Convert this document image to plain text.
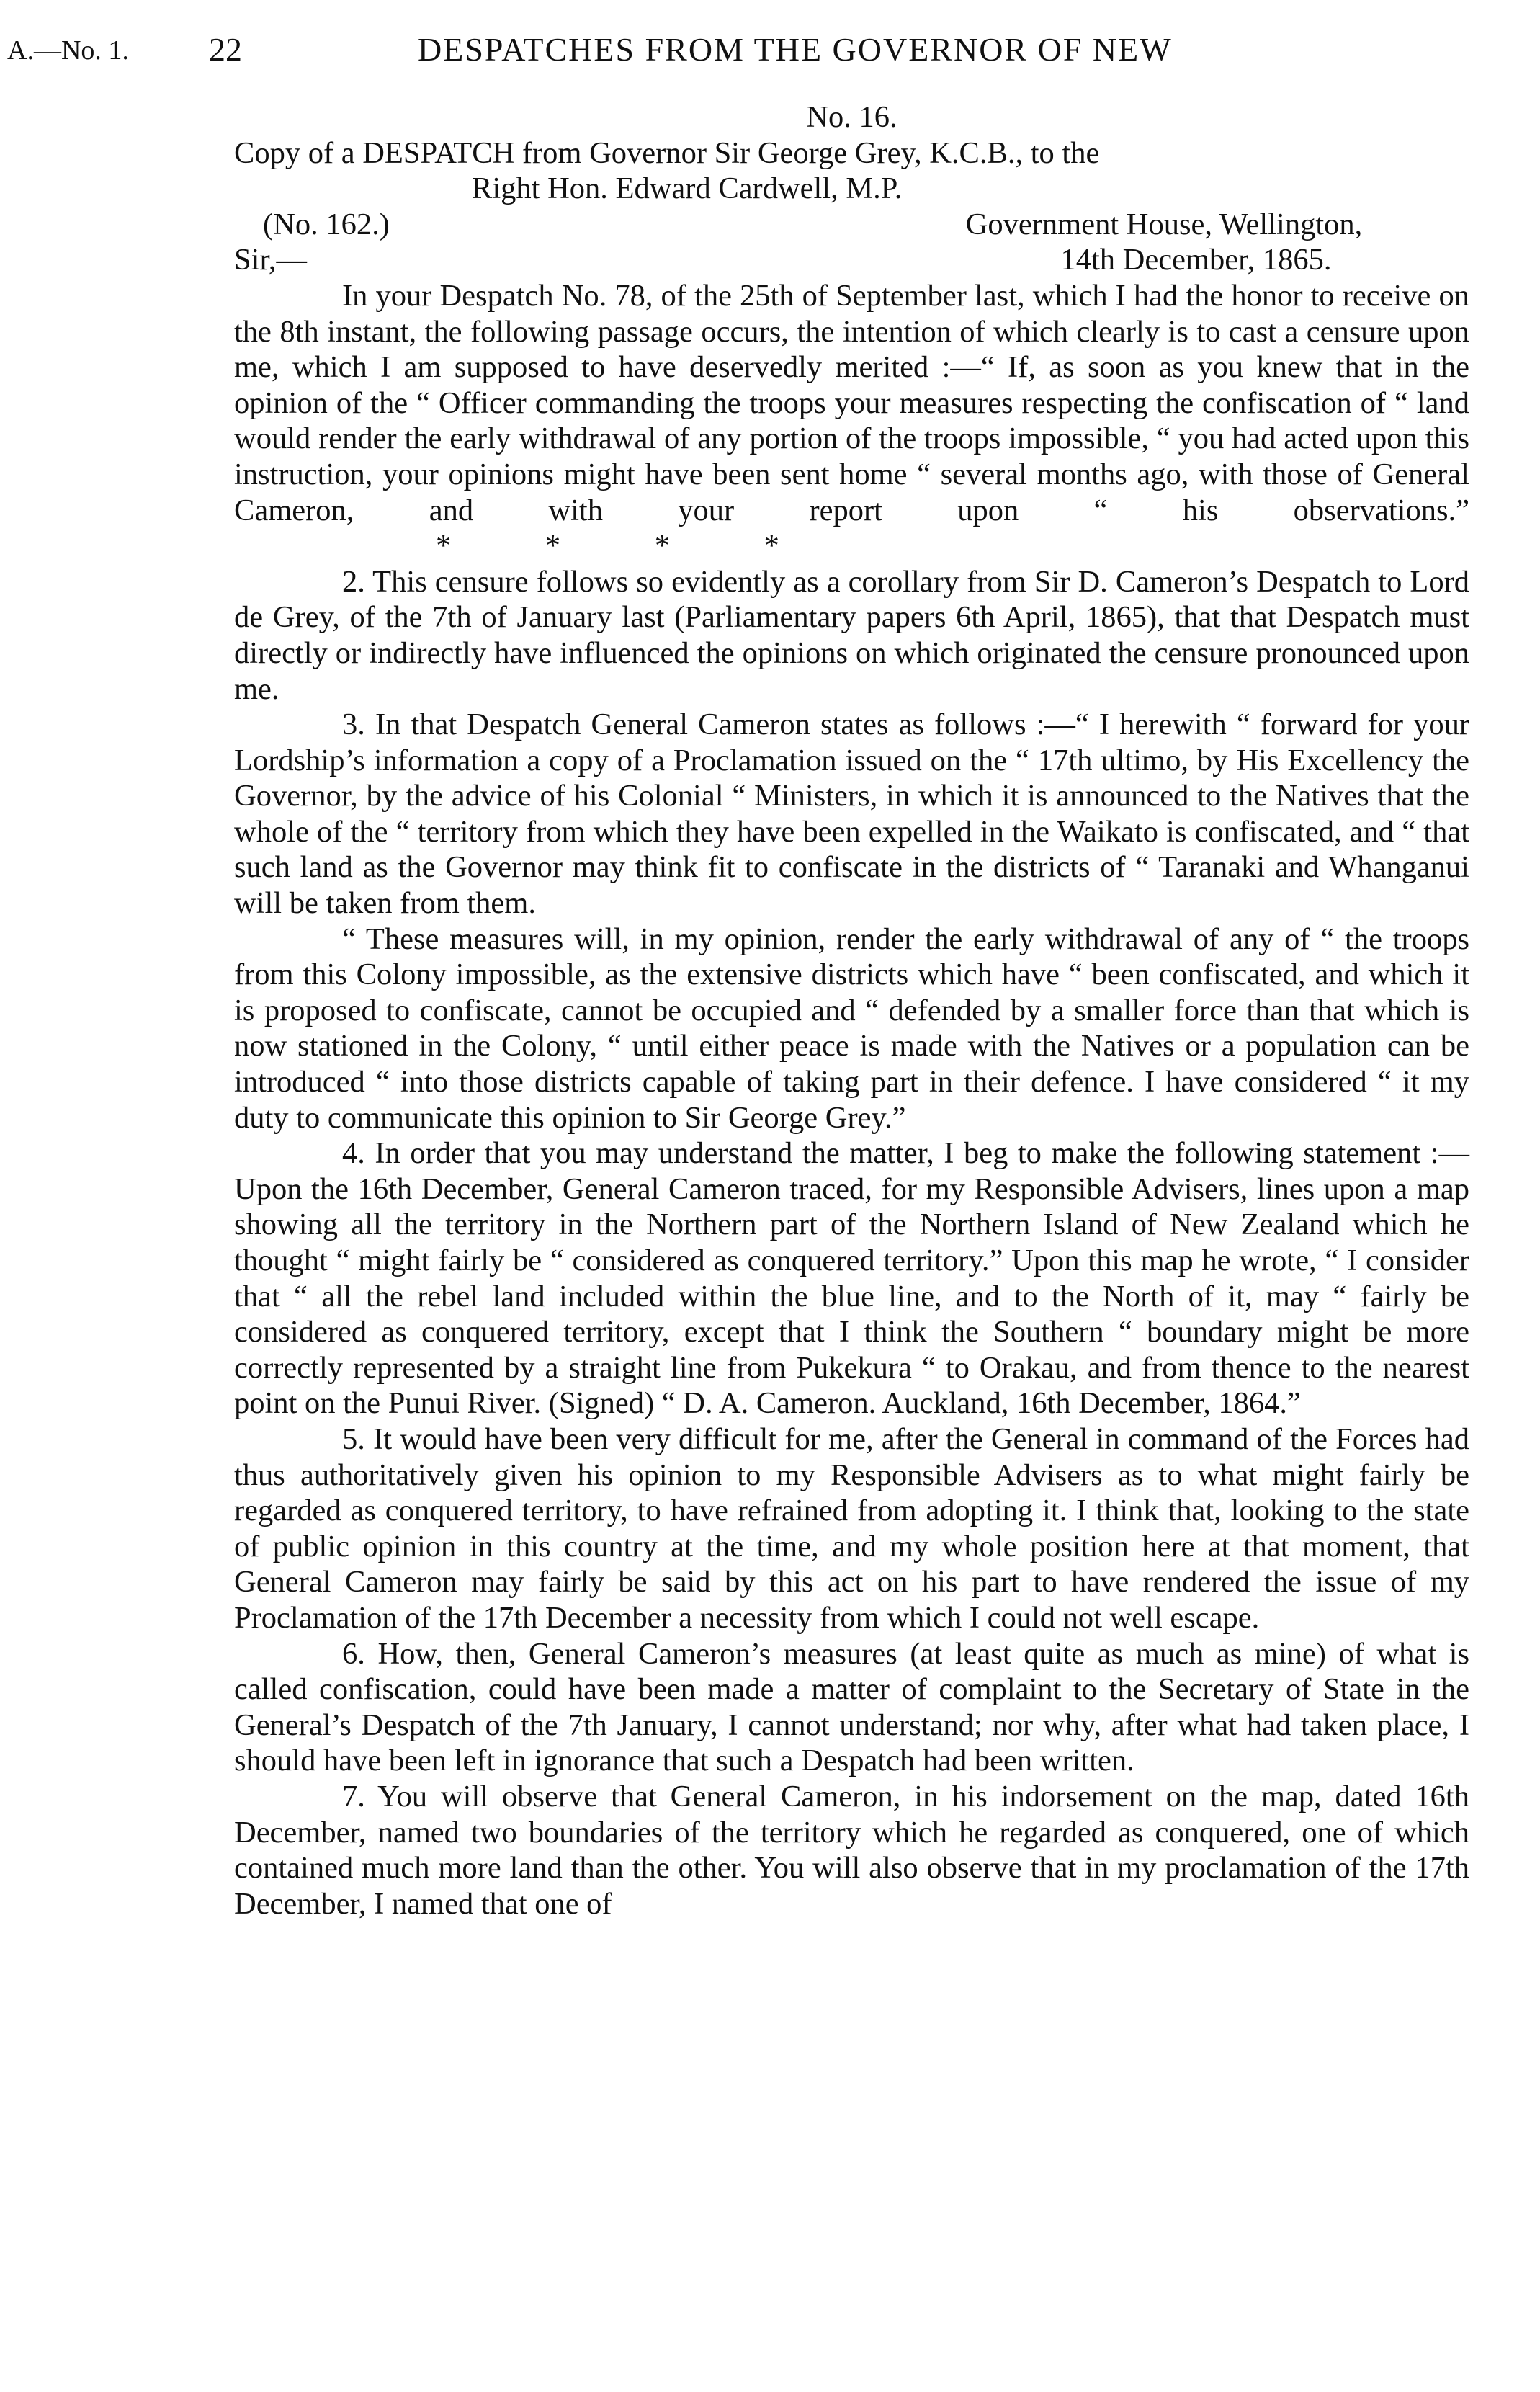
A.—No. 1. 22	DESPATCHES FROM THE GOVERNOR OF NEW
No. 16.
Copy of a DESPATCH from Governor Sir George Grey, K.C.B., to the
Right Hon. Edward Cardwell, M.P.
(No. 162.)	Government House, Wellington,
Sir,—	14th December, 1865.

In your Despatch No. 78, of the 25th of September last, which I had the honor to receive on the 8th instant, the following passage occurs, the intention of which clearly is to cast a censure upon me, which I am supposed to have deservedly merited :—“ If, as soon as you knew that in the opinion of the “ Officer commanding the troops your measures respecting the confiscation of “ land would render the early withdrawal of any portion of the troops impossible, “ you had acted upon this instruction, your opinions might have been sent home “ several months ago, with those of General Cameron, and with your report upon “ his observations.”* * * *

2. This censure follows so evidently as a corollary from Sir D. Cameron’s Despatch to Lord de Grey, of the 7th of January last (Parliamentary papers 6th April, 1865), that that Despatch must directly or indirectly have influenced the opinions on which originated the censure pronounced upon me.

3. In that Despatch General Cameron states as follows :—“ I herewith “ forward for your Lordship’s information a copy of a Proclamation issued on the “ 17th ultimo, by His Excellency the Governor, by the advice of his Colonial “ Ministers, in which it is announced to the Natives that the whole of the “ territory from which they have been expelled in the Waikato is confiscated, and “ that such land as the Governor may think fit to confiscate in the districts of “ Taranaki and Whanganui will be taken from them.

“ These measures will, in my opinion, render the early withdrawal of any of “ the troops from this Colony impossible, as the extensive districts which have “ been confiscated, and which it is proposed to confiscate, cannot be occupied and “ defended by a smaller force than that which is now stationed in the Colony, “ until either peace is made with the Natives or a population can be introduced “ into those districts capable of taking part in their defence. I have considered “ it my duty to communicate this opinion to Sir George Grey.”

4. In order that you may understand the matter, I beg to make the following statement :—Upon the 16th December, General Cameron traced, for my Responsible Advisers, lines upon a map showing all the territory in the Northern part of the Northern Island of New Zealand which he thought “ might fairly be “ considered as conquered territory.” Upon this map he wrote, “ I consider that “ all the rebel land included within the blue line, and to the North of it, may “ fairly be considered as conquered territory, except that I think the Southern “ boundary might be more correctly represented by a straight line from Pukekura “ to Orakau, and from thence to the nearest point on the Punui River. (Signed) “ D. A. Cameron. Auckland, 16th December, 1864.”

5. It would have been very difficult for me, after the General in command of the Forces had thus authoritatively given his opinion to my Responsible Advisers as to what might fairly be regarded as conquered territory, to have refrained from adopting it. I think that, looking to the state of public opinion in this country at the time, and my whole position here at that moment, that General Cameron may fairly be said by this act on his part to have rendered the issue of my Proclamation of the 17th December a necessity from which I could not well escape.

6. How, then, General Cameron’s measures (at least quite as much as mine) of what is called confiscation, could have been made a matter of complaint to the Secretary of State in the General’s Despatch of the 7th January, I cannot understand; nor why, after what had taken place, I should have been left in ignorance that such a Despatch had been written.

7. You will observe that General Cameron, in his indorsement on the map, dated 16th December, named two boundaries of the territory which he regarded as conquered, one of which contained much more land than the other. You will also observe that in my proclamation of the 17th December, I named that one of
